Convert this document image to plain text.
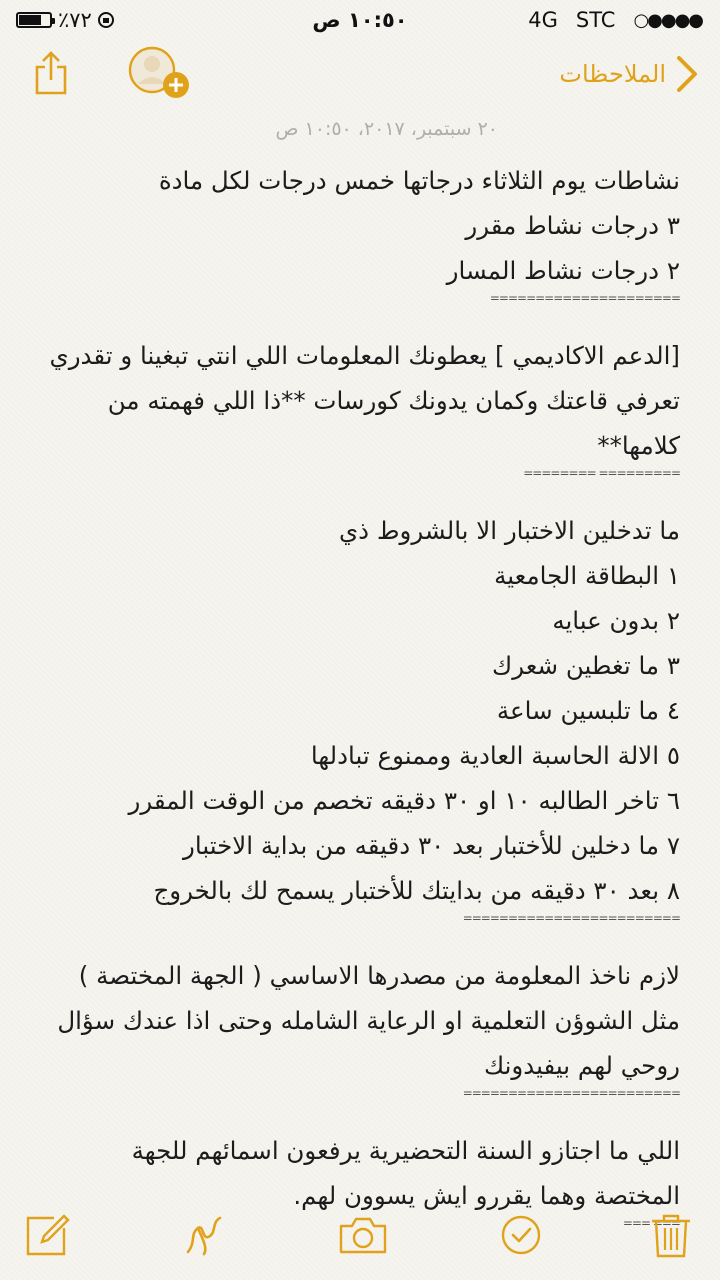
٪٧٢	١٠:٥٠ ص	4G STC ○●●●●
الملاحظات
٢٠ سبتمبر، ٢٠١٧، ١٠:٥٠ ص
نشاطات يوم الثلاثاء درجاتها خمس درجات لكل مادة
٣ درجات نشاط مقرر
٢ درجات نشاط المسار
=====================
[الدعم الاكاديمي ] يعطونك المعلومات اللي انتي تبغينا و تقدري
تعرفي قاعتك وكمان يدونك كورسات **ذا اللي فهمته من
كلامها**
========= ========
ما تدخلين الاختبار الا بالشروط ذي
١ البطاقة الجامعية
٢ بدون عبايه
٣ ما تغطين شعرك
٤ ما تلبسين ساعة
٥ الالة الحاسبة العادية وممنوع تبادلها
٦ تاخر الطالبه ١٠ او ٣٠ دقيقه تخصم من الوقت المقرر
٧ ما دخلين للأختبار بعد ٣٠ دقيقه من بداية الاختبار
٨ بعد ٣٠ دقيقه من بدايتك للأختبار يسمح لك بالخروج
========================
لازم ناخذ المعلومة من مصدرها الاساسي ( الجهة المختصة )
مثل الشوؤن التعلمية او الرعاية الشامله وحتى اذا عندك سؤال
روحي لهم بيفيدونك
========================
اللي ما اجتازو السنة التحضيرية يرفعون اسمائهم للجهة
المختصة وهما يقررو ايش يسوون لهم.
=== ===
